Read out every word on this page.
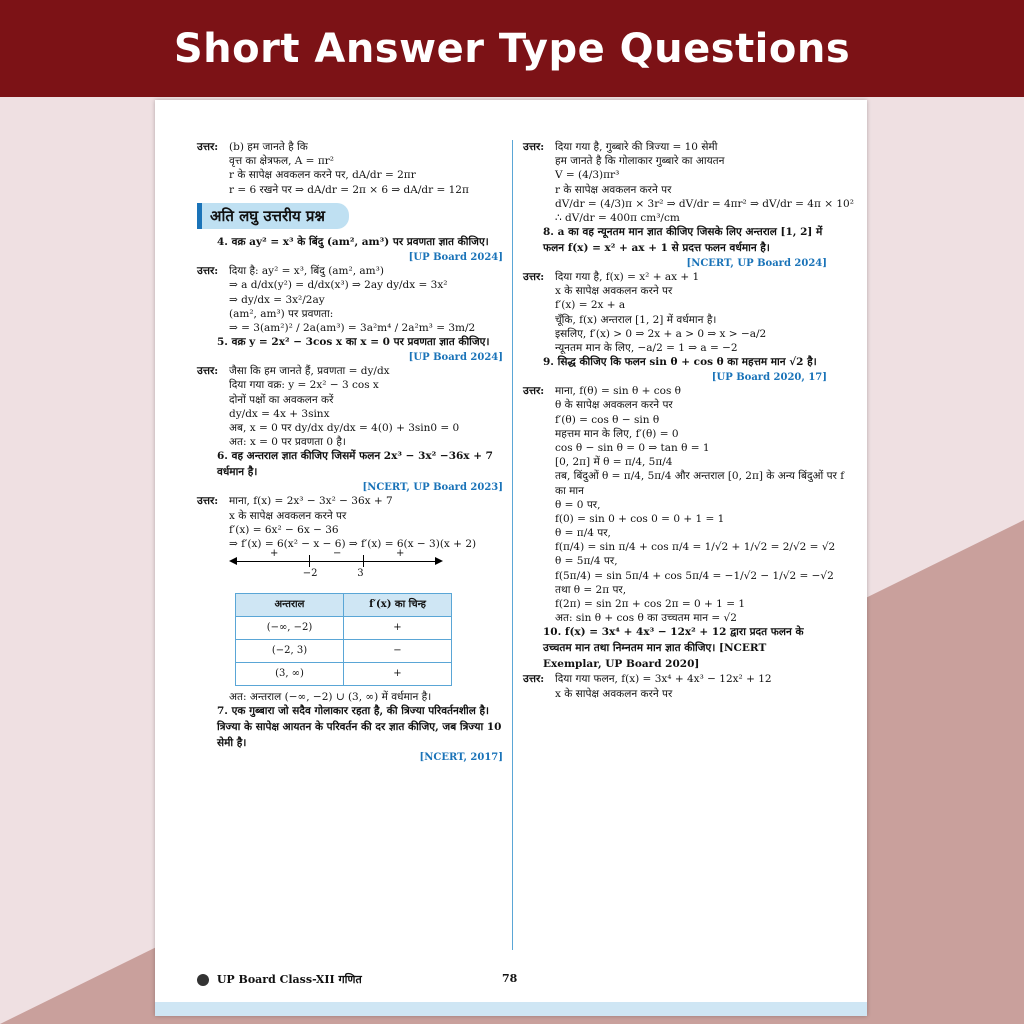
Short Answer Type Questions
उत्तर: (b) हम जानते है कि
वृत्त का क्षेत्रफल, A = πr²
r के सापेक्ष अवकलन करने पर, dA/dr = 2πr
r = 6 रखने पर ⇒ dA/dr = 2π × 6 ⇒ dA/dr = 12π
अति लघु उत्तरीय प्रश्न
4. वक्र ay² = x³ के बिंदु (am², am³) पर प्रवणता ज्ञात कीजिए।
[UP Board 2024]
उत्तर: दिया है: ay² = x³, बिंदु (am², am³)
⇒ a d/dx(y²) = d/dx(x³) ⇒ 2ay dy/dx = 3x²
⇒ dy/dx = 3x²/2ay
(am², am³) पर प्रवणता:
⇒ = 3(am²)² / 2a(am³) = 3a²m⁴ / 2a²m³ = 3m/2
5. वक्र y = 2x² − 3cos x का x = 0 पर प्रवणता ज्ञात कीजिए।
[UP Board 2024]
उत्तर: जैसा कि हम जानते हैं, प्रवणता = dy/dx
दिया गया वक्र: y = 2x² − 3 cos x
दोनों पक्षों का अवकलन करें
dy/dx = 4x + 3sinx
अब, x = 0 पर dy/dx dy/dx = 4(0) + 3sin0 = 0
अत: x = 0 पर प्रवणता 0 है।
6. वह अन्तराल ज्ञात कीजिए जिसमें फलन 2x³ − 3x² −36x + 7 वर्धमान है।
[NCERT, UP Board 2023]
उत्तर: माना, f(x) = 2x³ − 3x² − 36x + 7
x के सापेक्ष अवकलन करने पर
f′(x) = 6x² − 6x − 36
⇒ f′(x) = 6(x² − x − 6) ⇒ f′(x) = 6(x − 3)(x + 2)
−2	3
+	−	+
अन्तराल	f′(x) का चिन्ह
(−∞, −2)	+
(−2, 3)	−
(3, ∞)	+
अत: अन्तराल (−∞, −2) ∪ (3, ∞) में वर्धमान है।
7. एक गुब्बारा जो सदैव गोलाकार रहता है, की त्रिज्या परिवर्तनशील है। त्रिज्या के सापेक्ष आयतन के परिवर्तन की दर ज्ञात कीजिए, जब त्रिज्या 10 सेमी है।
[NCERT, 2017]
उत्तर: दिया गया है, गुब्बारे की त्रिज्या = 10 सेमी
हम जानते है कि गोलाकार गुब्बारे का आयतन
V = (4/3)πr³
r के सापेक्ष अवकलन करने पर
dV/dr = (4/3)π × 3r² ⇒ dV/dr = 4πr² ⇒ dV/dr = 4π × 10²
∴ dV/dr = 400π cm³/cm
8. a का वह न्यूनतम मान ज्ञात कीजिए जिसके लिए अन्तराल [1, 2] में फलन f(x) = x² + ax + 1 से प्रदत्त फलन वर्धमान है।
[NCERT, UP Board 2024]
उत्तर: दिया गया है, f(x) = x² + ax + 1
x के सापेक्ष अवकलन करने पर
f′(x) = 2x + a
चूँकि, f(x) अन्तराल [1, 2] में वर्धमान है।
इसलिए, f′(x) > 0 ⇒ 2x + a > 0 ⇒ x > −a/2
न्यूनतम मान के लिए, −a/2 = 1 ⇒ a = −2
9. सिद्ध कीजिए कि फलन sin θ + cos θ का महत्तम मान √2 है।
[UP Board 2020, 17]
उत्तर: माना, f(θ) = sin θ + cos θ
θ के सापेक्ष अवकलन करने पर
f′(θ) = cos θ − sin θ
महत्तम मान के लिए, f′(θ) = 0
cos θ − sin θ = 0 ⇒ tan θ = 1
[0, 2π] में θ = π/4, 5π/4
तब, बिंदुओं θ = π/4, 5π/4 और अन्तराल [0, 2π] के अन्य बिंदुओं पर f
का मान
θ = 0 पर,
f(0) = sin 0 + cos 0 = 0 + 1 = 1
θ = π/4 पर,
f(π/4) = sin π/4 + cos π/4 = 1/√2 + 1/√2 = 2/√2 = √2
θ = 5π/4 पर,
f(5π/4) = sin 5π/4 + cos 5π/4 = −1/√2 − 1/√2 = −√2
तथा θ = 2π पर,
f(2π) = sin 2π + cos 2π = 0 + 1 = 1
अत: sin θ + cos θ का उच्चतम मान = √2
10. f(x) = 3x⁴ + 4x³ − 12x² + 12 द्वारा प्रदत फलन के उच्चतम मान तथा निम्नतम मान ज्ञात कीजिए। [NCERT Exemplar, UP Board 2020]
उत्तर: दिया गया फलन, f(x) = 3x⁴ + 4x³ − 12x² + 12
x के सापेक्ष अवकलन करने पर
UP Board Class-XII गणित	78
